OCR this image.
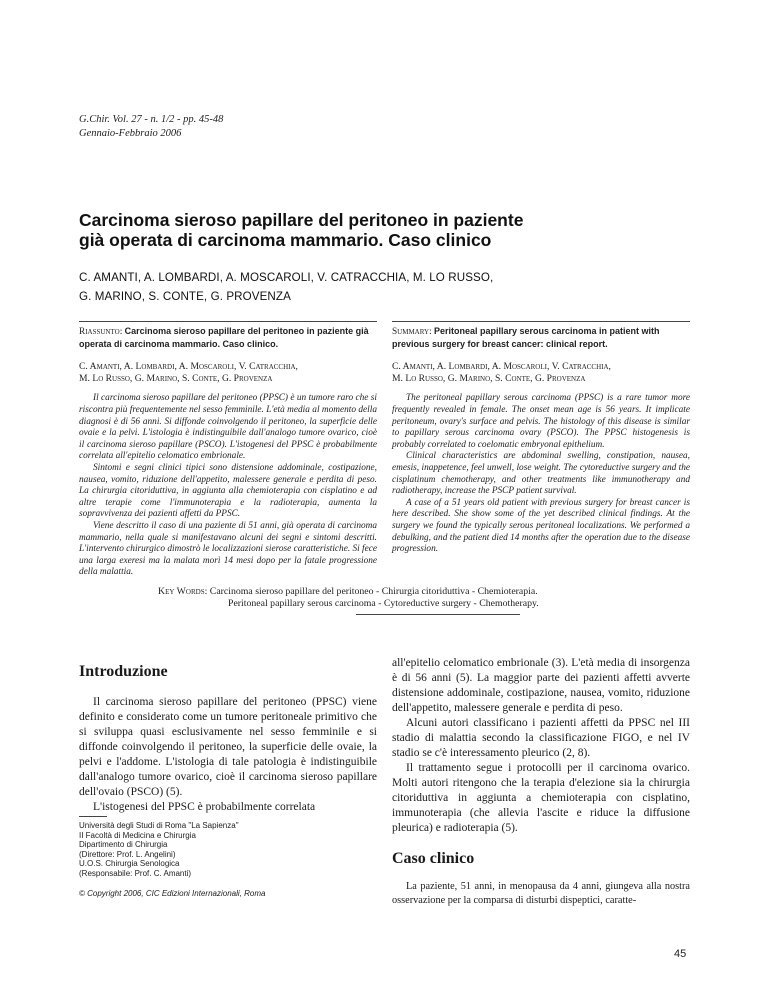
G.Chir. Vol. 27 - n. 1/2 - pp. 45-48
Gennaio-Febbraio 2006
Carcinoma sieroso papillare del peritoneo in paziente
già operata di carcinoma mammario. Caso clinico
C. AMANTI, A. LOMBARDI, A. MOSCAROLI, V. CATRACCHIA, M. LO RUSSO,
G. MARINO, S. CONTE, G. PROVENZA
Riassunto: Carcinoma sieroso papillare del peritoneo in paziente già operata di carcinoma mammario. Caso clinico.
C. Amanti, A. Lombardi, A. Moscaroli, V. Catracchia,
M. Lo Russo, G. Marino, S. Conte, G. Provenza

Il carcinoma sieroso papillare del peritoneo (PPSC) è un tumore raro che si riscontra più frequentemente nel sesso femminile. L'età media al momento della diagnosi è di 56 anni. Si diffonde coinvolgendo il peritoneo, la superficie delle ovaie e la pelvi. L'istologia è indistinguibile dall'analogo tumore ovarico, cioè il carcinoma sieroso papillare (PSCO). L'istogenesi del PPSC è probabilmente correlata all'epitelio celomatico embrionale.

Sintomi e segni clinici tipici sono distensione addominale, costipazione, nausea, vomito, riduzione dell'appetito, malessere generale e perdita di peso. La chirurgia citoriduttiva, in aggiunta alla chemioterapia con cisplatino e ad altre terapie come l'immunoterapia e la radioterapia, aumenta la sopravvivenza dei pazienti affetti da PPSC.

Viene descritto il caso di una paziente di 51 anni, già operata di carcinoma mammario, nella quale si manifestavano alcuni dei segni e sintomi descritti. L'intervento chirurgico dimostrò le localizzazioni sierose caratteristiche. Si fece una larga exeresi ma la malata morì 14 mesi dopo per la fatale progressione della malattia.

Summary: Peritoneal papillary serous carcinoma in patient with previous surgery for breast cancer: clinical report.
C. Amanti, A. Lombardi, A. Moscaroli, V. Catracchia,
M. Lo Russo, G. Marino, S. Conte, G. Provenza

The peritoneal papillary serous carcinoma (PPSC) is a rare tumor more frequently revealed in female. The onset mean age is 56 years. It implicate peritoneum, ovary's surface and pelvis. The histology of this disease is similar to papillary serous carcinoma ovary (PSCO). The PPSC histogenesis is probably correlated to coelomatic embryonal epithelium.

Clinical characteristics are abdominal swelling, constipation, nausea, emesis, inappetence, feel unwell, lose weight. The cytoreductive surgery and the cisplatinum chemotherapy, and other treatments like immunotherapy and radiotherapy, increase the PSCP patient survival.

A case of a 51 years old patient with previous surgery for breast cancer is here described. She show some of the yet described clinical findings. At the surgery we found the typically serous peritoneal localizations. We performed a debulking, and the patient died 14 months after the operation due to the disease progression.

Key Words: Carcinoma sieroso papillare del peritoneo - Chirurgia citoriduttiva - Chemioterapia.
Peritoneal papillary serous carcinoma - Cytoreductive surgery - Chemotherapy.
Introduzione

Il carcinoma sieroso papillare del peritoneo (PPSC) viene definito e considerato come un tumore peritoneale primitivo che si sviluppa quasi esclusivamente nel sesso femminile e si diffonde coinvolgendo il peritoneo, la superficie delle ovaie, la pelvi e l'addome. L'istologia di tale patologia è indistinguibile dall'analogo tumore ovarico, cioè il carcinoma sieroso papillare dell'ovaio (PSCO) (5).

L'istogenesi del PPSC è probabilmente correlata

all'epitelio celomatico embrionale (3). L'età media di insorgenza è di 56 anni (5). La maggior parte dei pazienti affetti avverte distensione addominale, costipazione, nausea, vomito, riduzione dell'appetito, malessere generale e perdita di peso.

Alcuni autori classificano i pazienti affetti da PPSC nel III stadio di malattia secondo la classificazione FIGO, e nel IV stadio se c'è interessamento pleurico (2, 8).

Il trattamento segue i protocolli per il carcinoma ovarico. Molti autori ritengono che la terapia d'elezione sia la chirurgia citoriduttiva in aggiunta a chemioterapia con cisplatino, immunoterapia (che allevia l'ascite e riduce la diffusione pleurica) e radioterapia (5).

Caso clinico

La paziente, 51 anni, in menopausa da 4 anni, giungeva alla nostra osservazione per la comparsa di disturbi dispeptici, caratte-

Università degli Studi di Roma "La Sapienza"
II Facoltà di Medicina e Chirurgia
Dipartimento di Chirurgia
(Direttore: Prof. L. Angelini)
U.O.S. Chirurgia Senologica
(Responsabile: Prof. C. Amanti)
© Copyright 2006, CIC Edizioni Internazionali, Roma
45
